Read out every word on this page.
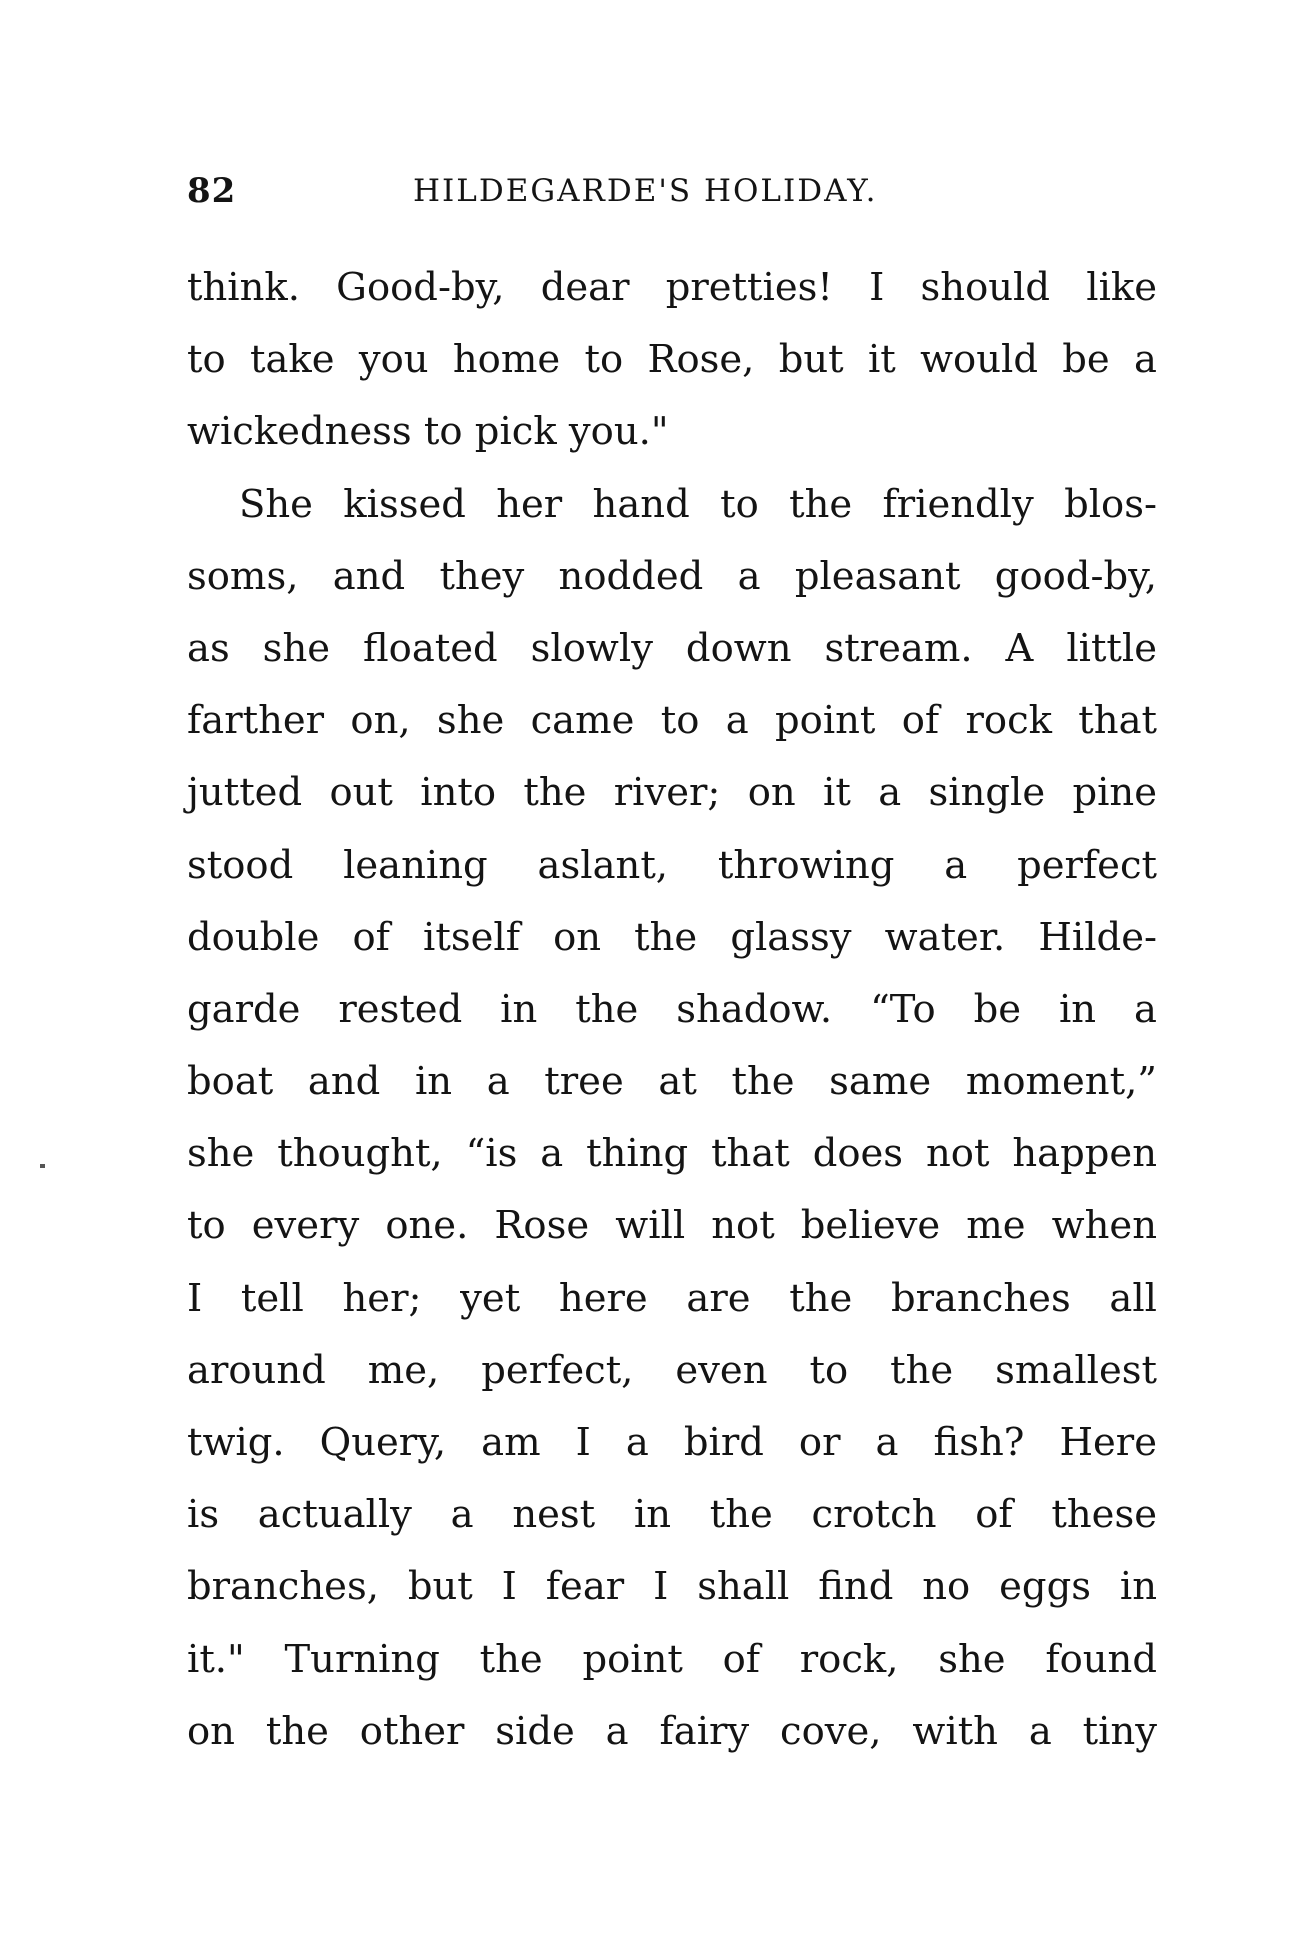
82	HILDEGARDE'S HOLIDAY.
think. Good-by, dear pretties! I should like
to take you home to Rose, but it would be a
wickedness to pick you."
She kissed her hand to the friendly blos-
soms, and they nodded a pleasant good-by,
as she floated slowly down stream. A little
farther on, she came to a point of rock that
jutted out into the river; on it a single pine
stood leaning aslant, throwing a perfect
double of itself on the glassy water. Hilde-
garde rested in the shadow. “To be in a
boat and in a tree at the same moment,”
she thought, “is a thing that does not happen
to every one. Rose will not believe me when
I tell her; yet here are the branches all
around me, perfect, even to the smallest
twig. Query, am I a bird or a fish? Here
is actually a nest in the crotch of these
branches, but I fear I shall find no eggs in
it." Turning the point of rock, she found
on the other side a fairy cove, with a tiny
